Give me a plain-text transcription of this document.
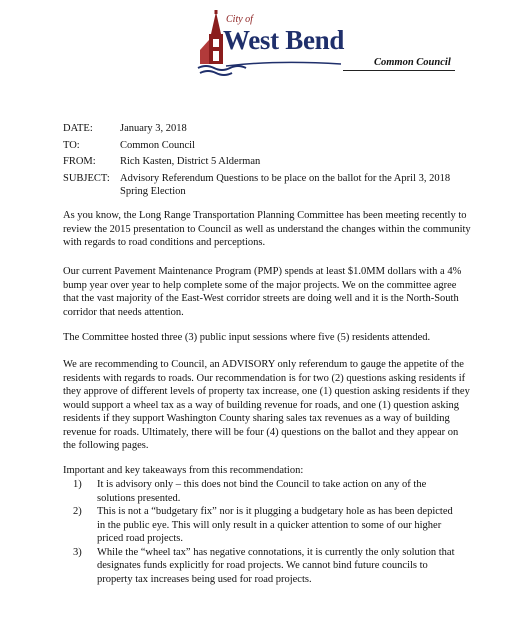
City of
West Bend
Common Council
DATE:	January 3, 2018
TO:	Common Council
FROM:	Rich Kasten, District 5 Alderman
SUBJECT: Advisory Referendum Questions to be place on the ballot for the April 3, 2018 Spring Election
As you know, the Long Range Transportation Planning Committee has been meeting recently to review the 2015 presentation to Council as well as understand the changes within the community with regards to road conditions and perceptions.
Our current Pavement Maintenance Program (PMP) spends at least $1.0MM dollars with a 4% bump year over year to help complete some of the major projects. We on the committee agree that the vast majority of the East-West corridor streets are doing well and it is the North-South corridor that needs attention.
The Committee hosted three (3) public input sessions where five (5) residents attended.
We are recommending to Council, an ADVISORY only referendum to gauge the appetite of the residents with regards to roads. Our recommendation is for two (2) questions asking residents if they approve of different levels of property tax increase, one (1) question asking residents if they would support a wheel tax as a way of building revenue for roads, and one (1) question asking residents if they support Washington County sharing sales tax revenues as a way of building revenue for roads. Ultimately, there will be four (4) questions on the ballot and they appear on the following pages.
Important and key takeaways from this recommendation:
1)	It is advisory only – this does not bind the Council to take action on any of the solutions presented.
2)	This is not a “budgetary fix” nor is it plugging a budgetary hole as has been depicted in the public eye. This will only result in a quicker attention to some of our higher priced road projects.
3)	While the “wheel tax” has negative connotations, it is currently the only solution that designates funds explicitly for road projects. We cannot bind future councils to property tax increases being used for road projects.
